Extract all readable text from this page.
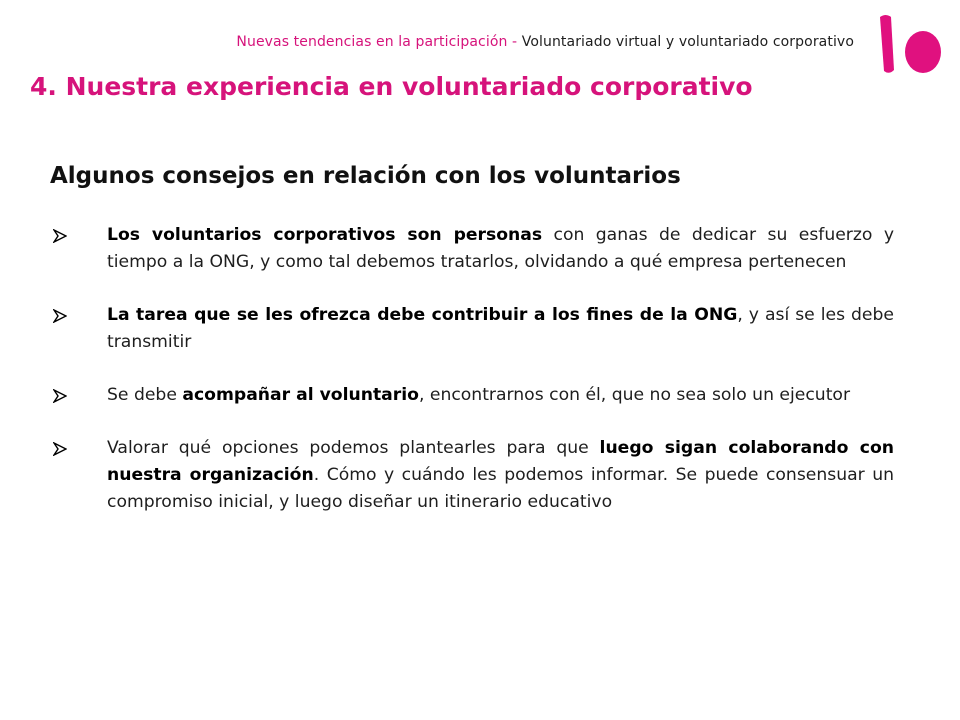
Nuevas tendencias en la participación - Voluntariado virtual y voluntariado corporativo
4. Nuestra experiencia en voluntariado corporativo
Algunos consejos en relación con los voluntarios
Los voluntarios corporativos son personas con ganas de dedicar su esfuerzo y tiempo a la ONG, y como tal debemos tratarlos, olvidando a qué empresa pertenecen
La tarea que se les ofrezca debe contribuir a los fines de la ONG, y así se les debe transmitir
Se debe acompañar al voluntario, encontrarnos con él, que no sea solo un ejecutor
Valorar qué opciones podemos plantearles para que luego sigan colaborando con nuestra organización. Cómo y cuándo les podemos informar. Se puede consensuar un compromiso inicial, y luego diseñar un itinerario educativo
